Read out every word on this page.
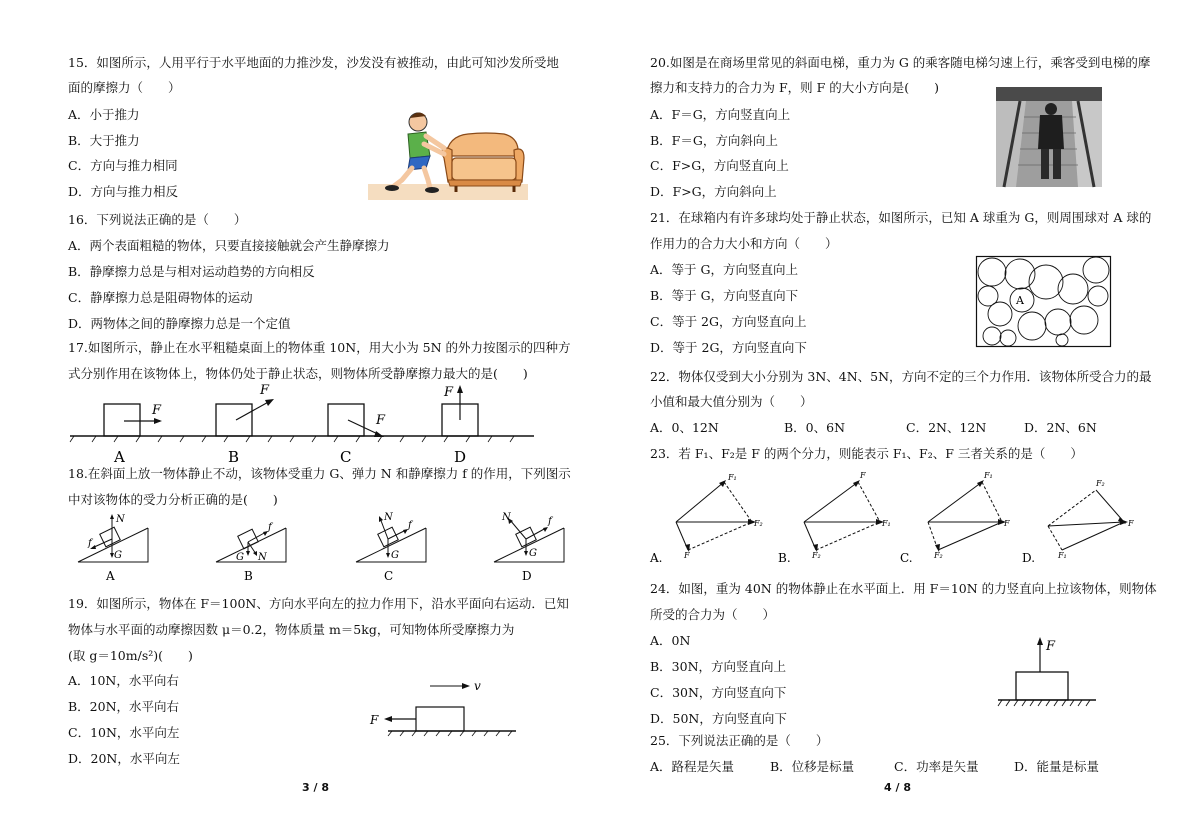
15．如图所示，人用平行于水平地面的力推沙发，沙发没有被推动，由此可知沙发所受地
面的摩擦力（　　）
A．小于推力
B．大于推力
C．方向与推力相同
D．方向与推力相反
16．下列说法正确的是（　　）
A．两个表面粗糙的物体，只要直接接触就会产生静摩擦力
B．静摩擦力总是与相对运动趋势的方向相反
C．静摩擦力总是阻碍物体的运动
D．两物体之间的静摩擦力总是一个定值
17.如图所示，静止在水平粗糙桌面上的物体重 10N，用大小为 5N 的外力按图示的四种方
式分别作用在该物体上，物体仍处于静止状态，则物体所受静摩擦力最大的是(　　)
F
A
F
B
F
C
F
D
18.在斜面上放一物体静止不动，该物体受重力 G、弹力 N 和静摩擦力 f 的作用，下列图示
中对该物体的受力分析正确的是(　　)
N
G
f
A
f
G N
B
N
f
G
C
N	f
G
D
19．如图所示，物体在 F＝100N、方向水平向左的拉力作用下，沿水平面向右运动．已知
物体与水平面的动摩擦因数 μ＝0.2，物体质量 m＝5kg，可知物体所受摩擦力为
(取 g＝10m/s²)(　　)
A．10N，水平向右
B．20N，水平向右
C．10N，水平向左
D．20N，水平向左
v
F
3 / 8
20.如图是在商场里常见的斜面电梯，重力为 G 的乘客随电梯匀速上行，乘客受到电梯的摩
擦力和支持力的合力为 F，则 F 的大小方向是(　　)
A．F＝G，方向竖直向上
B．F＝G，方向斜向上
C．F>G，方向竖直向上
D．F>G，方向斜向上
21．在球箱内有许多球均处于静止状态，如图所示，已知 A 球重为 G，则周围球对 A 球的
作用力的合力大小和方向（　　）
A．等于 G，方向竖直向上
B．等于 G，方向竖直向下
C．等于 2G，方向竖直向上
D．等于 2G，方向竖直向下
A
22．物体仅受到大小分别为 3N、4N、5N，方向不定的三个力作用．该物体所受合力的最
小值和最大值分别为（　　）
A．0、12N	B．0、6N	C．2N、12N	D．2N、6N
23．若 F₁、F₂是 F 的两个分力，则能表示 F₁、F₂、F 三者关系的是（　　）
A.
F₁
F₂
F	B.
F
F₁
F₂	C.
F₁
F
F₂	D.
F₂
F
F₁
24．如图，重为 40N 的物体静止在水平面上．用 F＝10N 的力竖直向上拉该物体，则物体
所受的合力为（　　）
A．0N
B．30N，方向竖直向上
C．30N，方向竖直向下
D．50N，方向竖直向下
F
25．下列说法正确的是（　　）
A．路程是矢量	B．位移是标量	C．功率是矢量	D．能量是标量
4 / 8
